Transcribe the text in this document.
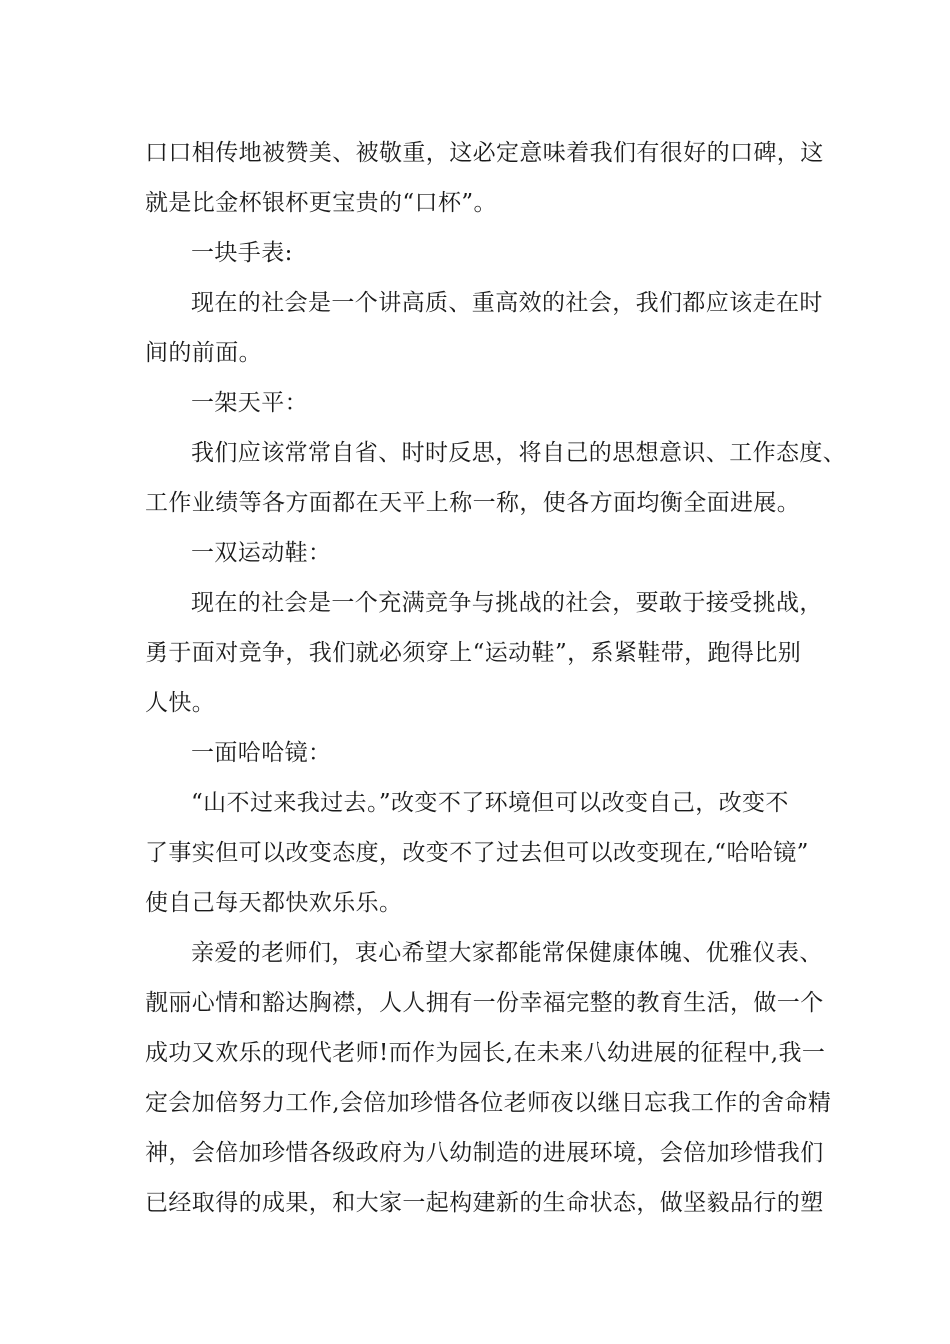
口口相传地被赞美、被敬重，这必定意味着我们有很好的口碑，这

就是比金杯银杯更宝贵的“口杯”。

一块手表:

现在的社会是一个讲高质、重高效的社会，我们都应该走在时

间的前面。

一架天平：

我们应该常常自省、时时反思，将自己的思想意识、工作态度、

工作业绩等各方面都在天平上称一称，使各方面均衡全面进展。

一双运动鞋：

现在的社会是一个充满竞争与挑战的社会，要敢于接受挑战，

勇于面对竞争，我们就必须穿上“运动鞋”，系紧鞋带，跑得比别

人快。

一面哈哈镜：

“山不过来我过去。”改变不了环境但可以改变自己，改变不

了事实但可以改变态度，改变不了过去但可以改变现在,“哈哈镜”

使自己每天都快欢乐乐。

亲爱的老师们，衷心希望大家都能常保健康体魄、优雅仪表、

靓丽心情和豁达胸襟，人人拥有一份幸福完整的教育生活，做一个

成功又欢乐的现代老师!而作为园长,在未来八幼进展的征程中,我一

定会加倍努力工作,会倍加珍惜各位老师夜以继日忘我工作的舍命精

神，会倍加珍惜各级政府为八幼制造的进展环境，会倍加珍惜我们

已经取得的成果，和大家一起构建新的生命状态，做坚毅品行的塑
